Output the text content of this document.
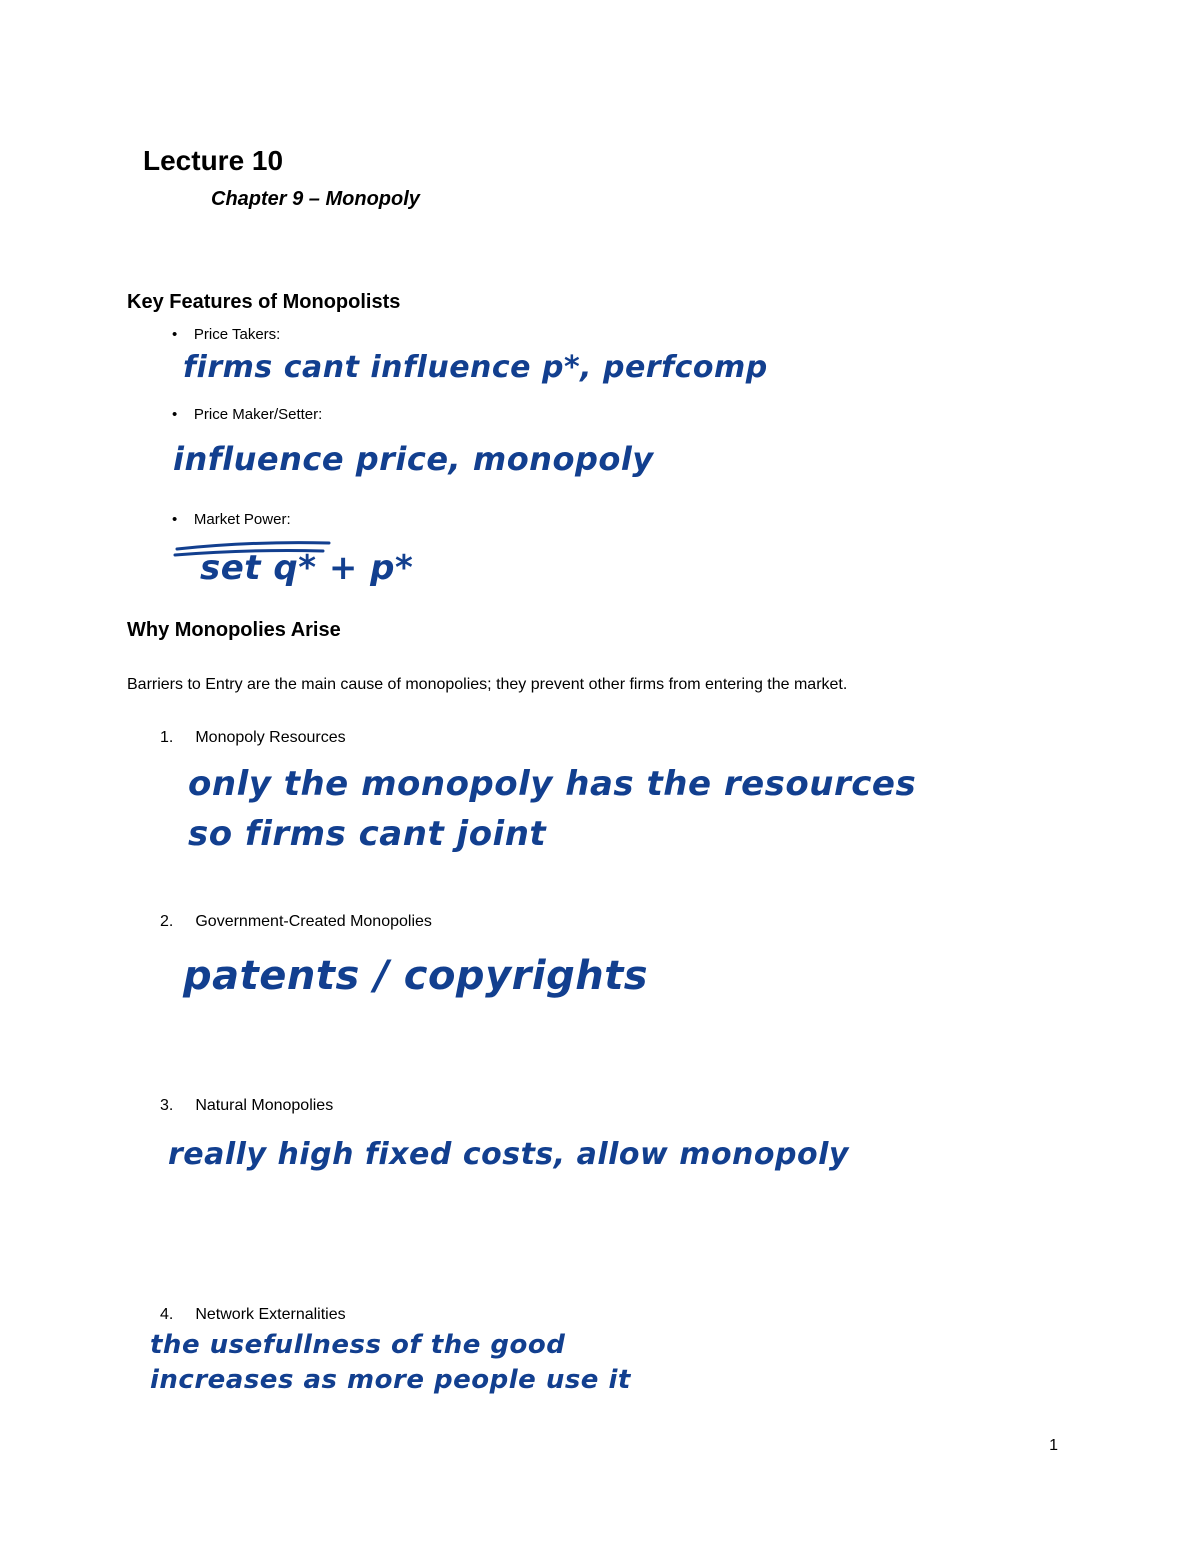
Lecture 10
Chapter 9 – Monopoly
Key Features of Monopolists
•    Price Takers:
firms cant influence p*, perfcomp
•    Price Maker/Setter:
influence price, monopoly
•    Market Power:
set q* + p*
Why Monopolies Arise
Barriers to Entry are the main cause of monopolies; they prevent other firms from entering the market.
1. Monopoly Resources
only the monopoly has the resources
so firms cant joint
2. Government-Created Monopolies
patents / copyrights
3. Natural Monopolies
really high fixed costs, allow monopoly
4. Network Externalities
the usefullness of the good
increases as more people use it
1
